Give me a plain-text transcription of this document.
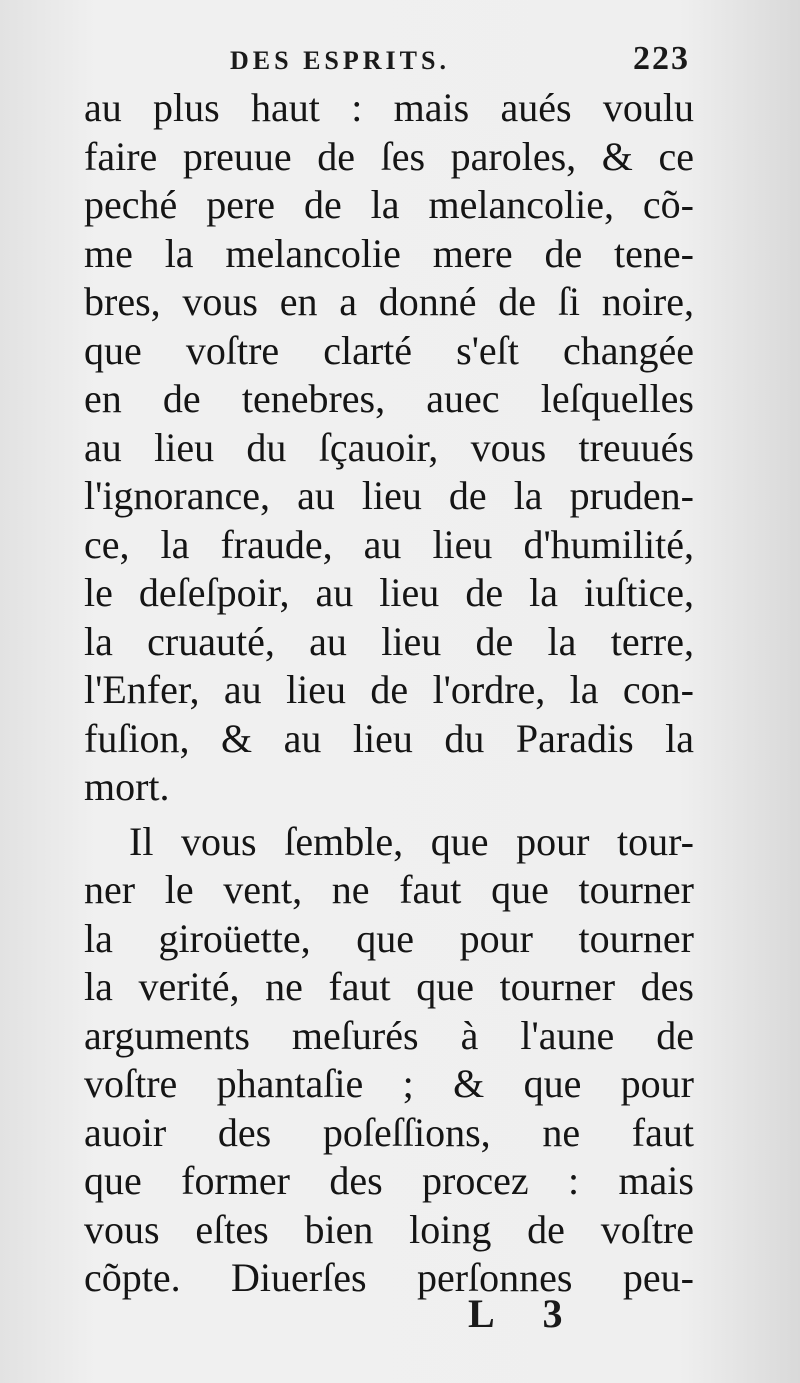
DES ESPRITS.	223
au plus haut : mais aués voulu
faire preuue de ſes paroles, & ce
peché pere de la melancolie, cõ-
me la melancolie mere de tene-
bres, vous en a donné de ſi noire,
que voſtre clarté s'eſt changée
en de tenebres, auec leſquelles
au lieu du ſçauoir, vous treuués
l'ignorance, au lieu de la pruden-
ce, la fraude, au lieu d'humilité,
le deſeſpoir, au lieu de la iuſtice,
la cruauté, au lieu de la terre,
l'Enfer, au lieu de l'ordre, la con-
fuſion, & au lieu du Paradis la
mort.
Il vous ſemble, que pour tour-
ner le vent, ne faut que tourner
la giroüette, que pour tourner
la verité, ne faut que tourner des
arguments meſurés à l'aune de
voſtre phantaſie ; & que pour
auoir des poſeſſions, ne faut
que former des procez : mais
vous eſtes bien loing de voſtre
cõpte. Diuerſes perſonnes peu-
L 3
